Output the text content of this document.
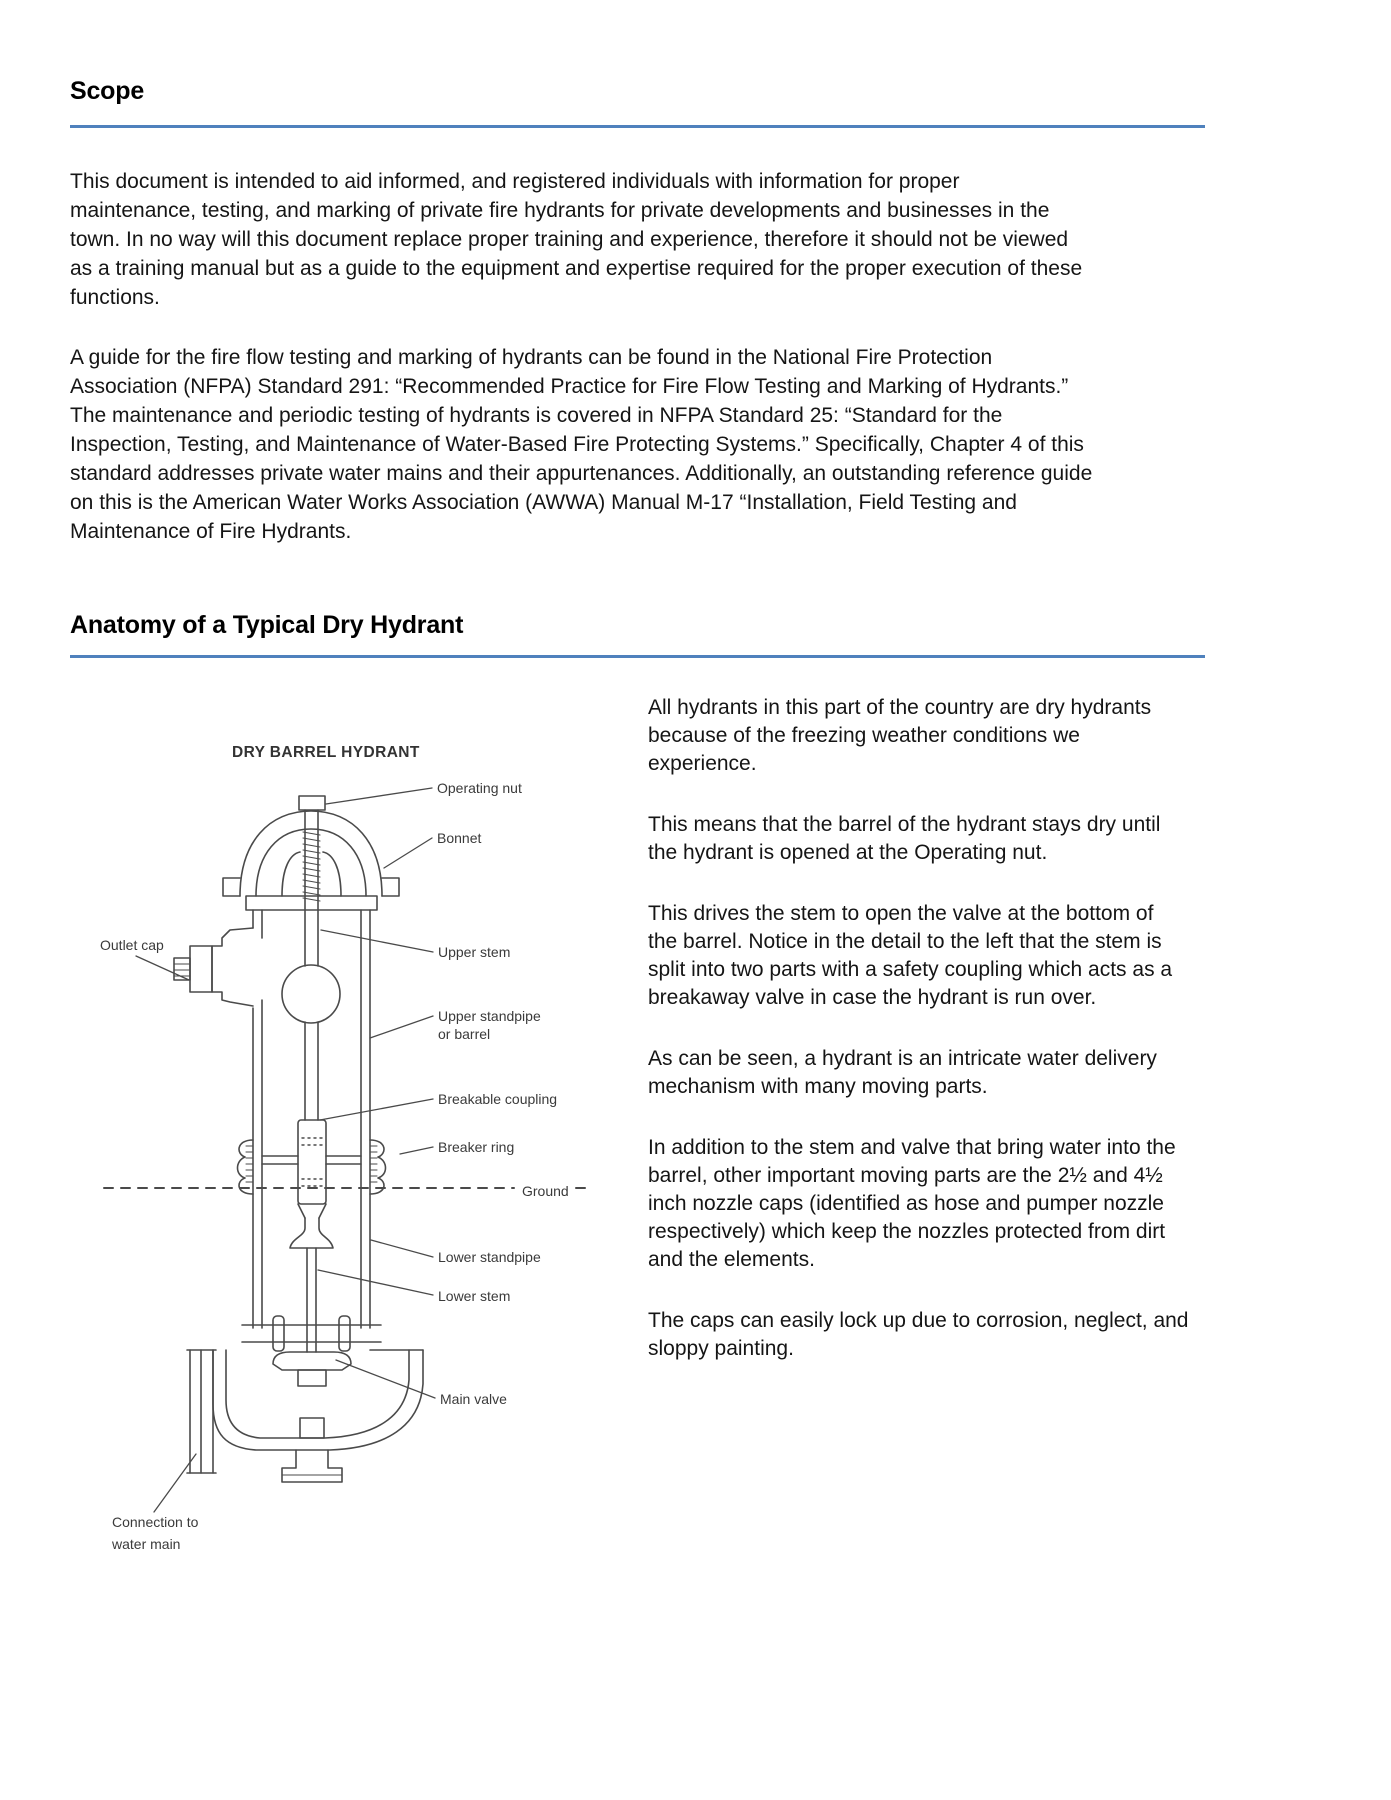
Scope
This document is intended to aid informed, and registered individuals with information for proper
maintenance, testing, and marking of private fire hydrants for private developments and businesses in the
town. In no way will this document replace proper training and experience, therefore it should not be viewed
as a training manual but as a guide to the equipment and expertise required for the proper execution of these
functions.
A guide for the fire flow testing and marking of hydrants can be found in the National Fire Protection
Association (NFPA) Standard 291: “Recommended Practice for Fire Flow Testing and Marking of Hydrants.”
The maintenance and periodic testing of hydrants is covered in NFPA Standard 25: “Standard for the
Inspection, Testing, and Maintenance of Water-Based Fire Protecting Systems.” Specifically, Chapter 4 of this
standard addresses private water mains and their appurtenances. Additionally, an outstanding reference guide
on this is the American Water Works Association (AWWA) Manual M-17 “Installation, Field Testing and
Maintenance of Fire Hydrants.
Anatomy of a Typical Dry Hydrant
DRY BARREL HYDRANT
Operating nut
Bonnet
Outlet cap	Upper stem
Upper standpipe
or barrel
Breakable coupling
Breaker ring
Ground
Lower standpipe
Lower stem
Main valve
Connection to
water main
All hydrants in this part of the country are dry hydrants
because of the freezing weather conditions we
experience.
This means that the barrel of the hydrant stays dry until
the hydrant is opened at the Operating nut.
This drives the stem to open the valve at the bottom of
the barrel. Notice in the detail to the left that the stem is
split into two parts with a safety coupling which acts as a
breakaway valve in case the hydrant is run over.
As can be seen, a hydrant is an intricate water delivery
mechanism with many moving parts.
In addition to the stem and valve that bring water into the
barrel, other important moving parts are the 2½ and 4½
inch nozzle caps (identified as hose and pumper nozzle
respectively) which keep the nozzles protected from dirt
and the elements.
The caps can easily lock up due to corrosion, neglect, and
sloppy painting.
